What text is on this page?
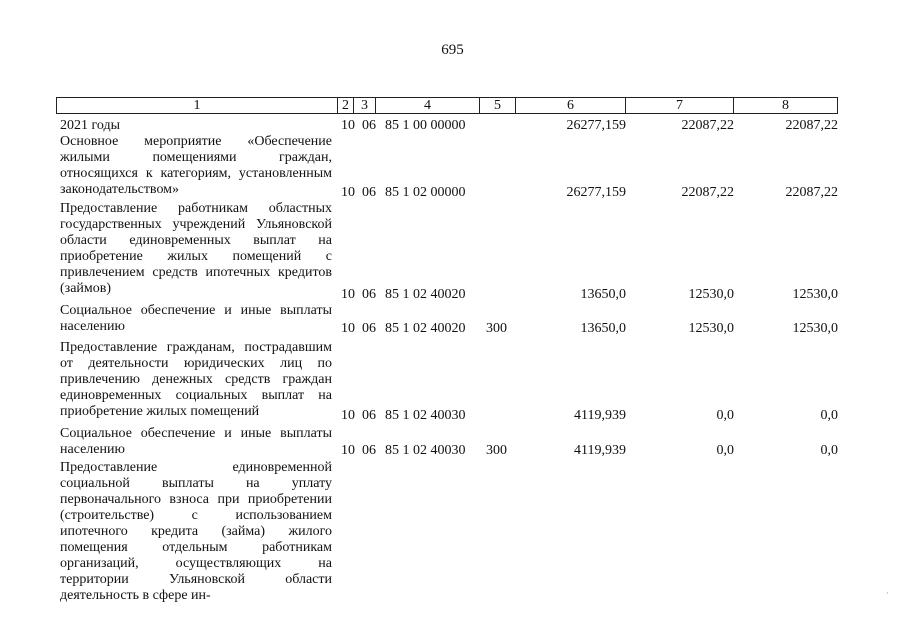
695
1	2 3	4	5	6	7	8
2021 годы	10 06 85 1 00 00000	26277,159	22087,22	22087,22
Основное мероприятие «Обеспечение жилыми помещениями граждан, относящихся к категориям, установленным законодательством»	10 06 85 1 02 00000	26277,159	22087,22	22087,22
Предоставление работникам областных государственных учреждений Ульяновской области единовременных выплат на приобретение жилых помещений с привлечением средств ипотечных кредитов (займов)	10 06 85 1 02 40020	13650,0	12530,0	12530,0
Социальное обеспечение и иные выплаты населению	10 06 85 1 02 40020 300	13650,0	12530,0	12530,0
Предоставление гражданам, пострадавшим от деятельности юридических лиц по привлечению денежных средств граждан единовременных социальных выплат на приобретение жилых помещений	10 06 85 1 02 40030	4119,939	0,0	0,0
Социальное обеспечение и иные выплаты населению	10 06 85 1 02 40030 300	4119,939	0,0	0,0
Предоставление единовременной социальной выплаты на уплату первоначального взноса при приобретении (строительстве) с использованием ипотечного кредита (займа) жилого помещения отдельным работникам организаций, осуществляющих на территории Ульяновской области деятельность в сфере ин-	·
